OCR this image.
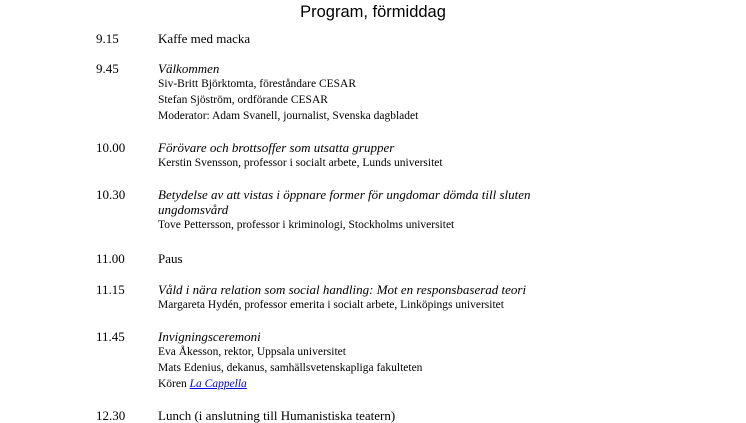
Program, förmiddag
9.15	Kaffe med macka
9.45	Välkommen
Siv-Britt Björktomta, föreståndare CESAR
Stefan Sjöström, ordförande CESAR
Moderator: Adam Svanell, journalist, Svenska dagbladet
10.00	Förövare och brottsoffer som utsatta grupper
Kerstin Svensson, professor i socialt arbete, Lunds universitet
10.30	Betydelse av att vistas i öppnare former för ungdomar dömda till sluten
ungdomsvård
Tove Pettersson, professor i kriminologi, Stockholms universitet
11.00	Paus
11.15	Våld i nära relation som social handling: Mot en responsbaserad teori
Margareta Hydén, professor emerita i socialt arbete, Linköpings universitet
11.45	Invigningsceremoni
Eva Åkesson, rektor, Uppsala universitet
Mats Edenius, dekanus, samhällsvetenskapliga fakulteten
Kören La Cappella
12.30	Lunch (i anslutning till Humanistiska teatern)
